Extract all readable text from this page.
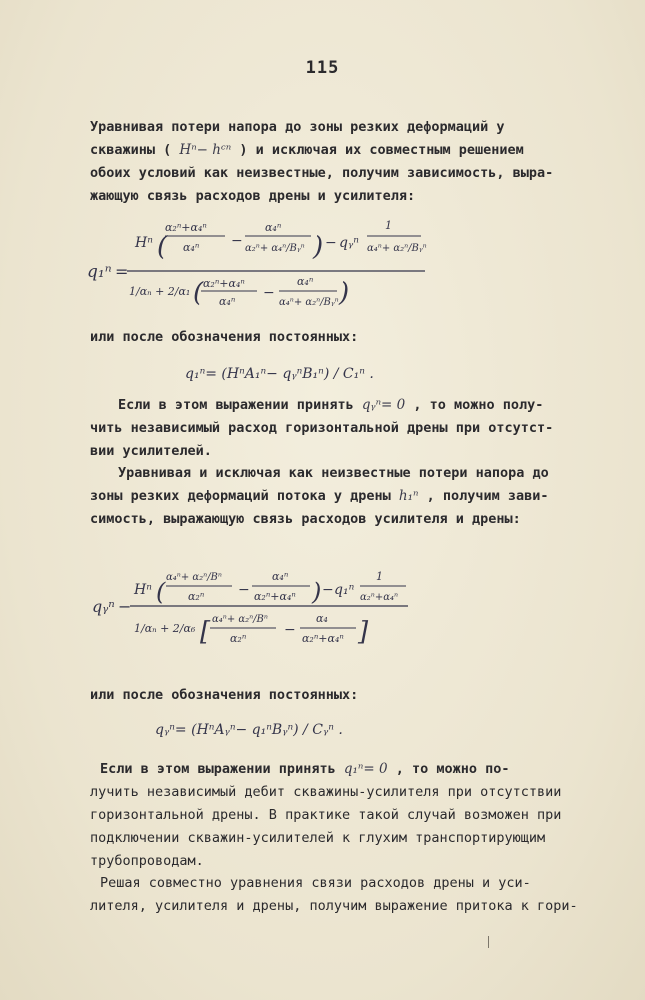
115
Уравнивая потери напора до зоны резких деформаций у
скважины ( Hⁿ− hᶜⁿ ) и исключая их совместным решением
обоих условий как неизвестные, получим зависимость, выра-
жающую связь расходов дрены и усилителя:
q₁ⁿ =
Hⁿ (
α₂ⁿ+α₄ⁿ
α₄ⁿ −
α₄ⁿ
α₂ⁿ+ α₄ⁿ/Bᵧⁿ ) − qᵧⁿ
1
α₄ⁿ+ α₂ⁿ/Bᵧⁿ
1/αₙ + 2/α₁ ( α₂ⁿ+α₄ⁿ
α₄ⁿ
−
α₄ⁿ
α₄ⁿ+ α₂ⁿ/Bᵧⁿ )
или после обозначения постоянных:
q₁ⁿ= (HⁿA₁ⁿ− qᵧⁿB₁ⁿ) / C₁ⁿ .
Если в этом выражении принять qᵧⁿ= 0 , то можно полу-
чить независимый расход горизонтальной дрены при отсутст-
вии усилителей.
Уравнивая и исключая как неизвестные потери напора до
зоны резких деформаций потока у дрены h₁ⁿ , получим зави-
симость, выражающую связь расходов усилителя и дрены:
qᵧⁿ −
Hⁿ (
α₄ⁿ+ α₂ⁿ/Bⁿ
α₂ⁿ −
α₄ⁿ
α₂ⁿ+α₄ⁿ ) − q₁ⁿ
1
α₂ⁿ+α₄ⁿ
1/αₙ + 2/α₆ [ α₄ⁿ+ α₂ⁿ/Bⁿ
α₂ⁿ
−
α₄
α₂ⁿ+α₄ⁿ ]
или после обозначения постоянных:
qᵧⁿ= (HⁿAᵧⁿ− q₁ⁿBᵧⁿ) / Cᵧⁿ .
Если в этом выражении принять q₁ⁿ= 0 , то можно по-
лучить независимый дебит скважины-усилителя при отсутствии
горизонтальной дрены. В практике такой случай возможен при
подключении скважин-усилителей к глухим транспортирующим
трубопроводам.
Решая совместно уравнения связи расходов дрены и уси-
лителя, усилителя и дрены, получим выражение притока к гори-
